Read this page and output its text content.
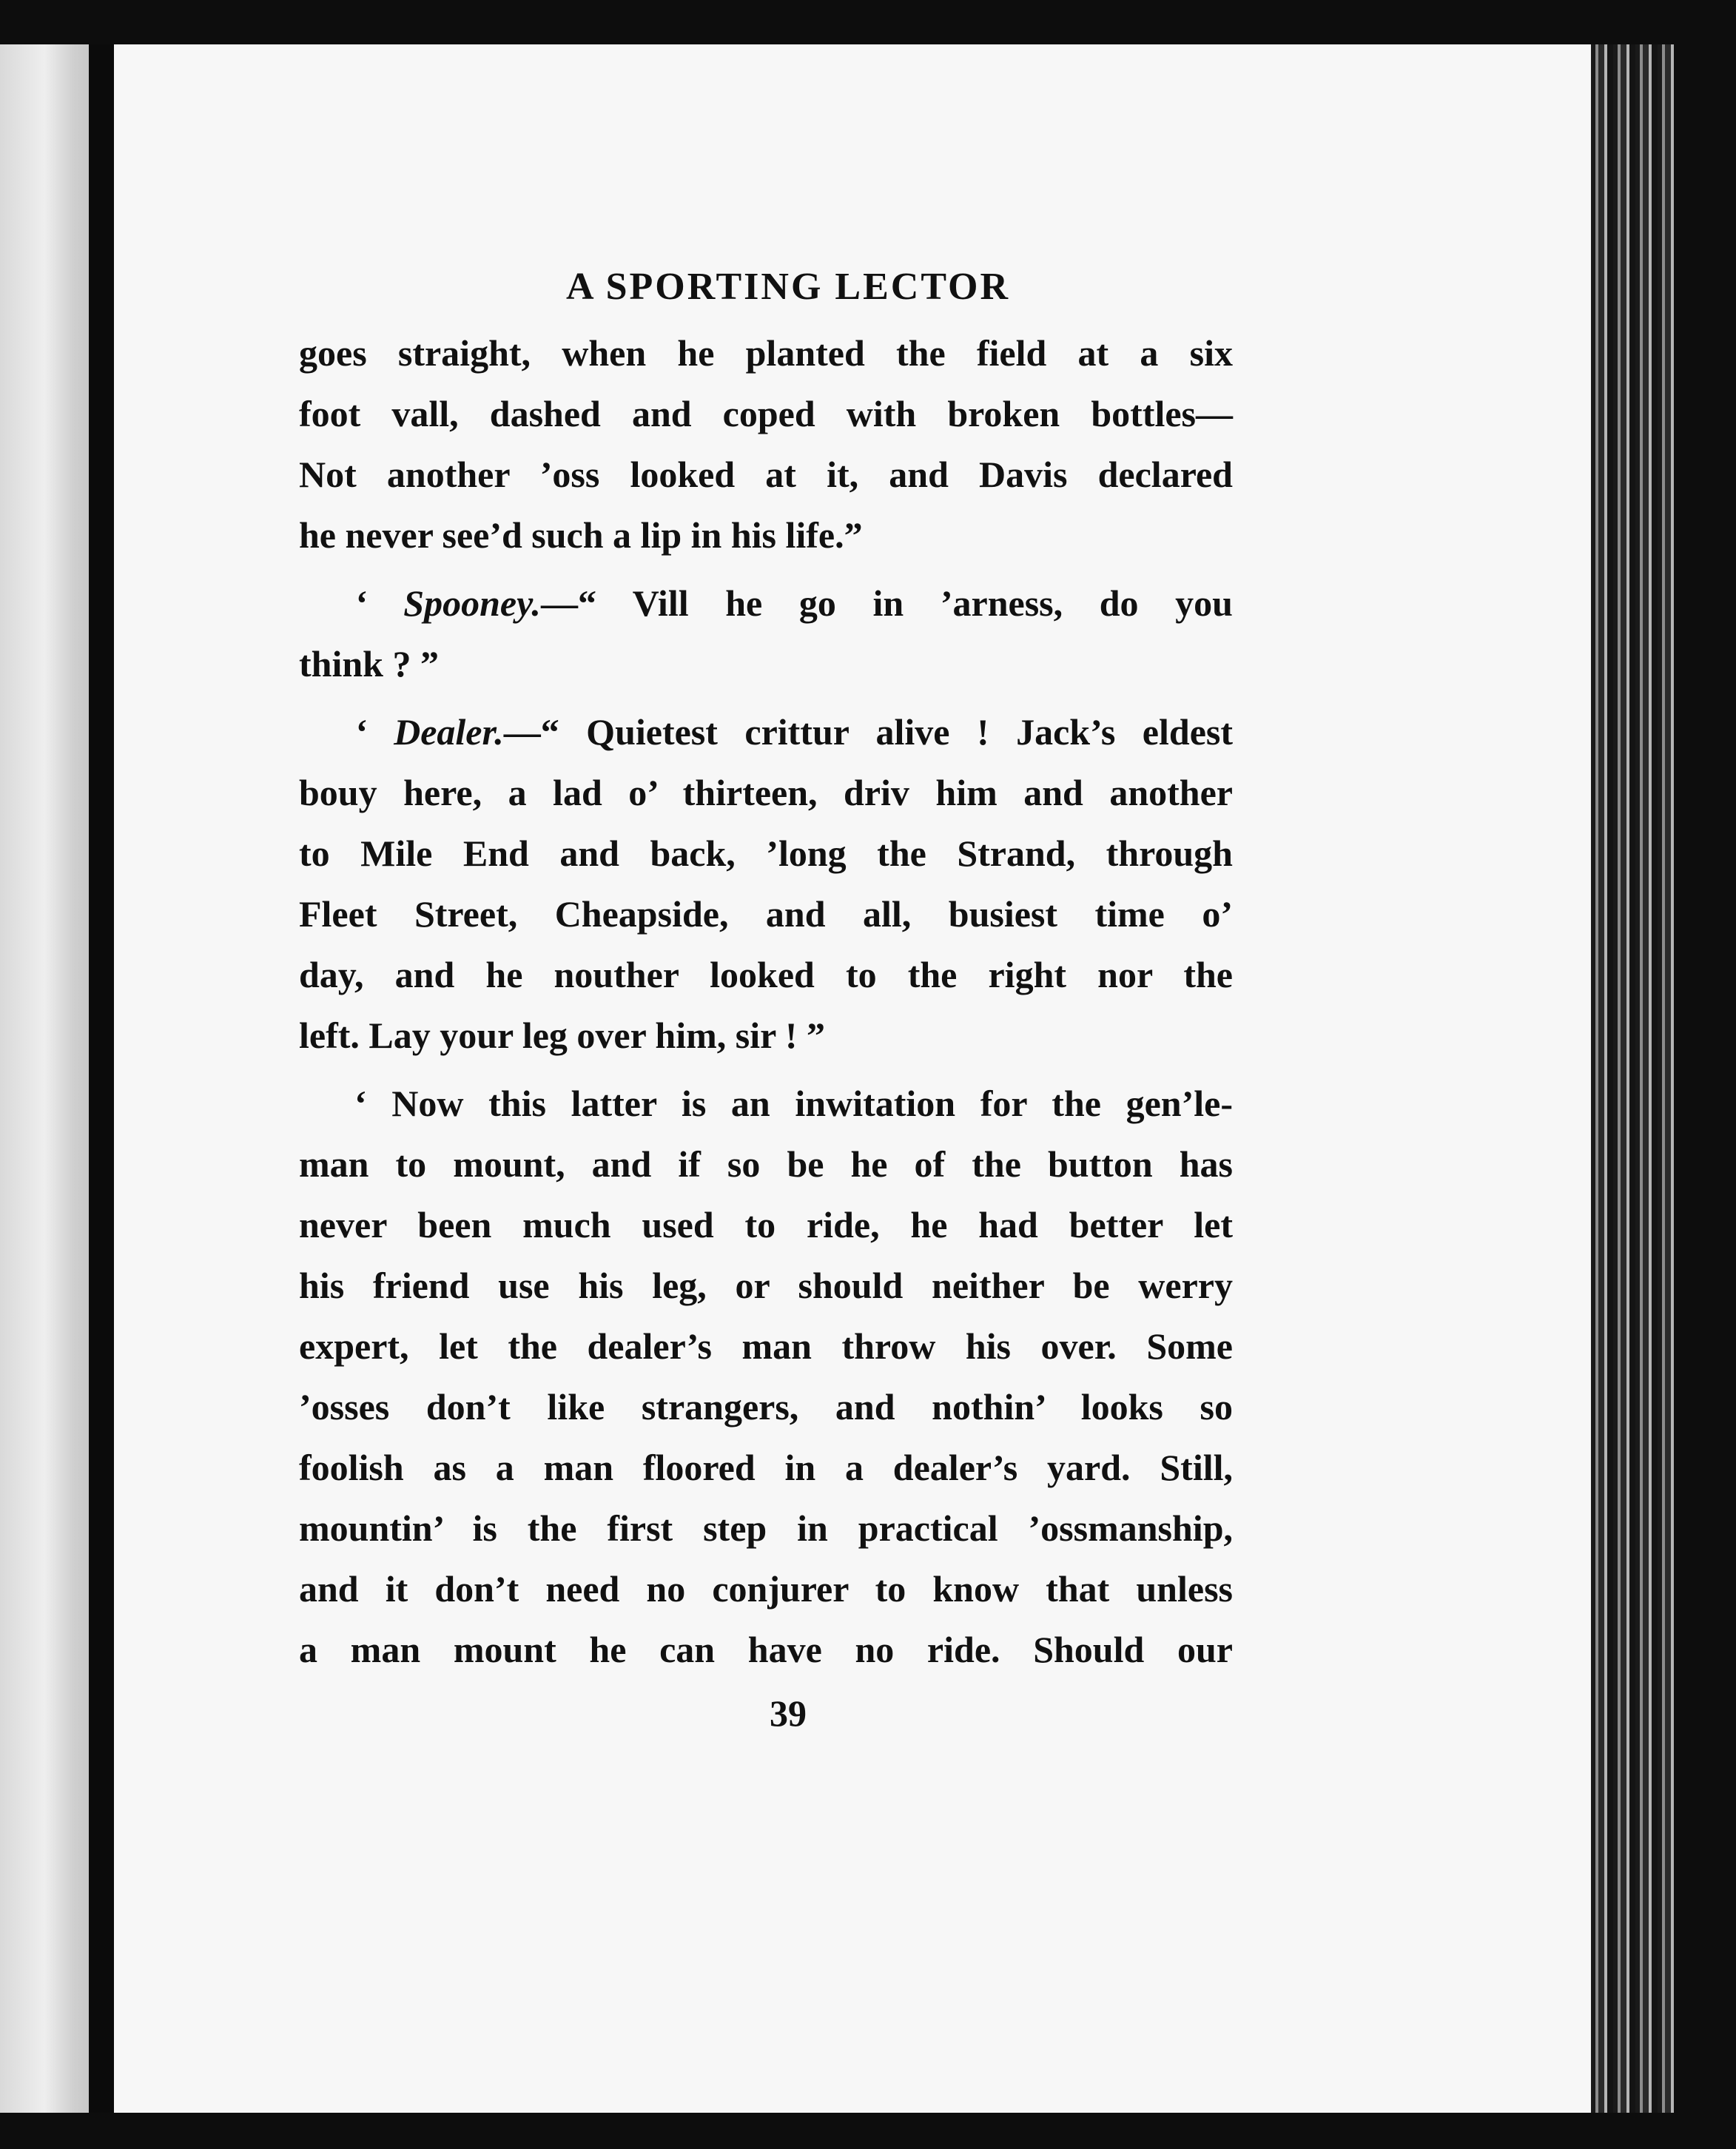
A SPORTING LECTOR
goes straight, when he planted the field at a six
foot vall, dashed and coped with broken bottles—
Not another ’oss looked at it, and Davis declared
he never see’d such a lip in his life.”
‘ Spooney.—“ Vill he go in ’arness, do you
think ? ”
‘ Dealer.—“ Quietest crittur alive ! Jack’s eldest
bouy here, a lad o’ thirteen, driv him and another
to Mile End and back, ’long the Strand, through
Fleet Street, Cheapside, and all, busiest time o’
day, and he nouther looked to the right nor the
left. Lay your leg over him, sir ! ”
‘ Now this latter is an inwitation for the gen’le-
man to mount, and if so be he of the button has
never been much used to ride, he had better let
his friend use his leg, or should neither be werry
expert, let the dealer’s man throw his over. Some
’osses don’t like strangers, and nothin’ looks so
foolish as a man floored in a dealer’s yard. Still,
mountin’ is the first step in practical ’ossmanship,
and it don’t need no conjurer to know that unless
a man mount he can have no ride. Should our
39
